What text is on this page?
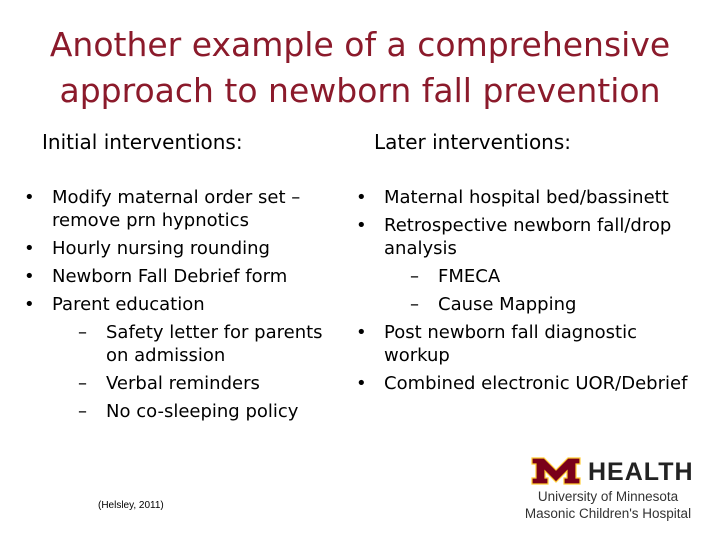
Another example of a comprehensive
approach to newborn fall prevention
Initial interventions:	Later interventions:
• Modify maternal order set – remove prn hypnotics
• Hourly nursing rounding
• Newborn Fall Debrief form
• Parent education
– Safety letter for parents on admission
– Verbal reminders
– No co-sleeping policy
• Maternal hospital bed/bassinett
• Retrospective newborn fall/drop analysis
– FMECA
– Cause Mapping
• Post newborn fall diagnostic workup
• Combined electronic UOR/Debrief
(Helsley, 2011)
HEALTH
University of Minnesota
Masonic Children's Hospital
